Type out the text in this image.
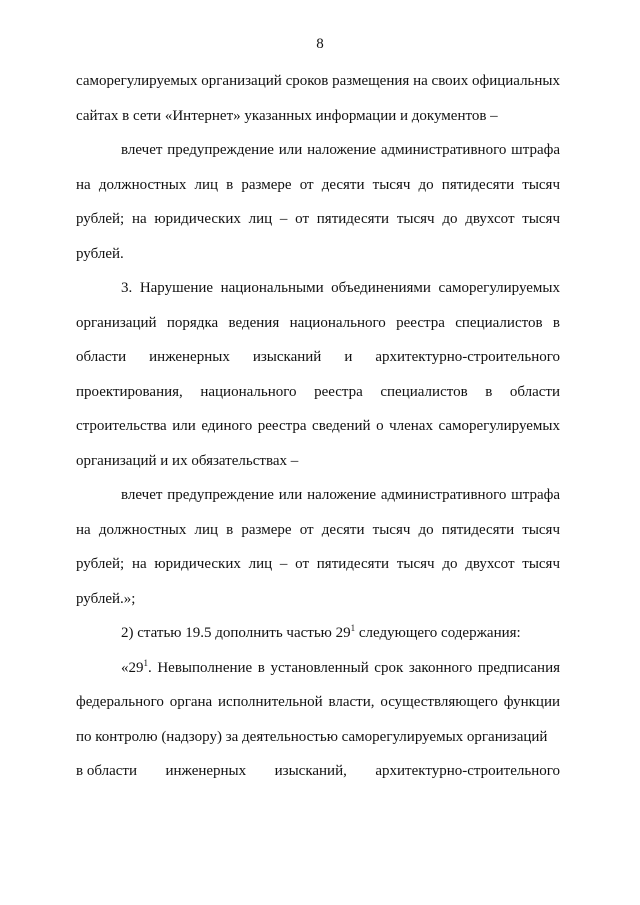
8

саморегулируемых организаций сроков размещения на своих официальных сайтах в сети «Интернет» указанных информации и документов –

влечет предупреждение или наложение административного штрафа на должностных лиц в размере от десяти тысяч до пятидесяти тысяч рублей; на юридических лиц – от пятидесяти тысяч до двухсот тысяч рублей.

3. Нарушение национальными объединениями саморегулируемых организаций порядка ведения национального реестра специалистов в области инженерных изысканий и архитектурно-строительного проектирования, национального реестра специалистов в области строительства или единого реестра сведений о членах саморегулируемых организаций и их обязательствах –

влечет предупреждение или наложение административного штрафа на должностных лиц в размере от десяти тысяч до пятидесяти тысяч рублей; на юридических лиц – от пятидесяти тысяч до двухсот тысяч рублей.»;

2) статью 19.5 дополнить частью $29^1$ следующего содержания:

«$29^1$. Невыполнение в установленный срок законного предписания федерального органа исполнительной власти, осуществляющего функции по контролю (надзору) за деятельностью саморегулируемых организаций

в области инженерных изысканий, архитектурно-строительного
